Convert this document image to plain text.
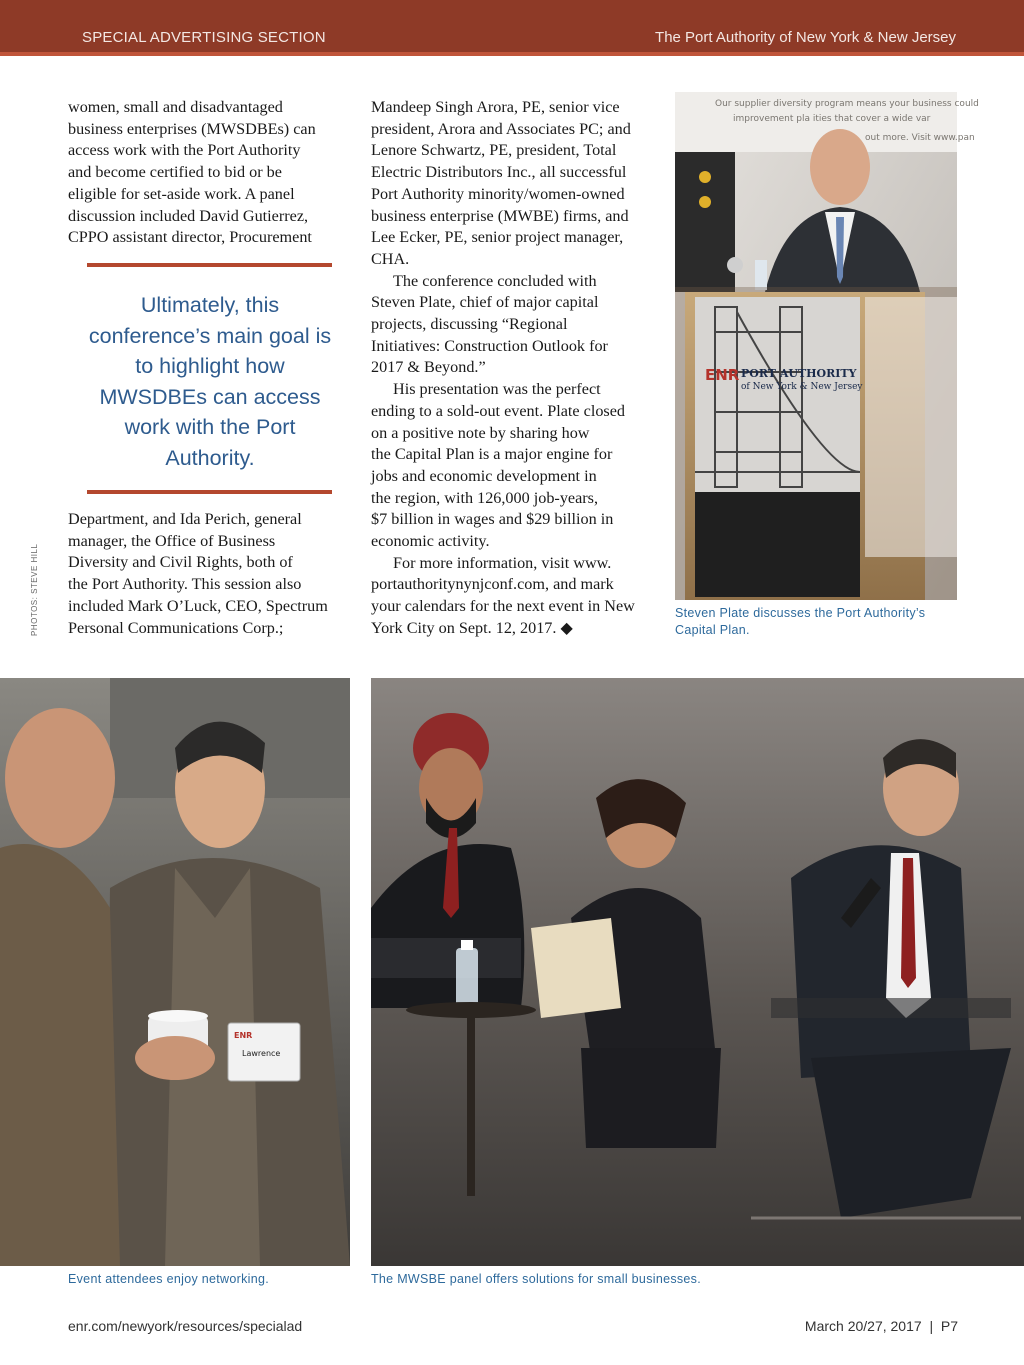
SPECIAL ADVERTISING SECTION	The Port Authority of New York & New Jersey
women, small and disadvantaged
business enterprises (MWSDBEs) can
access work with the Port Authority
and become certified to bid or be
eligible for set-aside work. A panel
discussion included David Gutierrez,
CPPO assistant director, Procurement
Ultimately, this conference’s main goal is to highlight how MWSDBEs can access work with the Port Authority.
Department, and Ida Perich, general
manager, the Office of Business
Diversity and Civil Rights, both of
the Port Authority. This session also
included Mark O’Luck, CEO, Spectrum
Personal Communications Corp.;
PHOTOS: STEVE HILL
Mandeep Singh Arora, PE, senior vice
president, Arora and Associates PC; and
Lenore Schwartz, PE, president, Total
Electric Distributors Inc., all successful
Port Authority minority/women-owned
business enterprise (MWBE) firms, and
Lee Ecker, PE, senior project manager,
CHA.
The conference concluded with
Steven Plate, chief of major capital
projects, discussing “Regional
Initiatives: Construction Outlook for
2017 & Beyond.”
His presentation was the perfect
ending to a sold-out event. Plate closed
on a positive note by sharing how
the Capital Plan is a major engine for
jobs and economic development in
the region, with 126,000 job-years,
$7 billion in wages and $29 billion in
economic activity.
For more information, visit www.
portauthoritynynjconf.com, and mark
your calendars for the next event in New
York City on Sept. 12, 2017. ◆
Our supplier diversity program means your business could
improvement pla ities that cover a wide var
out more. Visit www.pan
ENR PORT AUTHORITY
of New York & New Jersey
Steven Plate discusses the Port Authority’s
Capital Plan.
ENR
Lawrence
Event attendees enjoy networking.	The MWSBE panel offers solutions for small businesses.
enr.com/newyork/resources/specialad	March 20/27, 2017  |  P7
